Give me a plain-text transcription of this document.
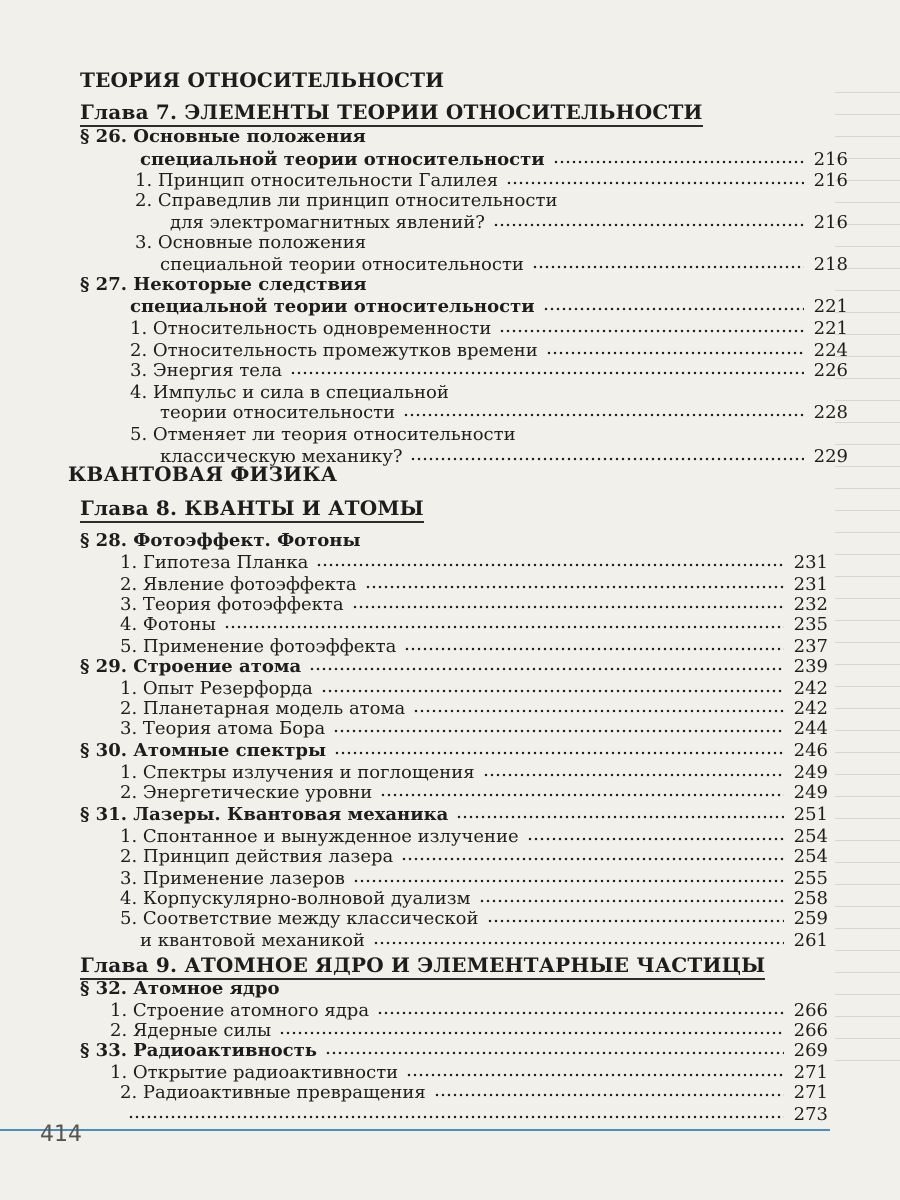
ТЕОРИЯ ОТНОСИТЕЛЬНОСТИ
Глава 7. ЭЛЕМЕНТЫ ТЕОРИИ ОТНОСИТЕЛЬНОСТИ
КВАНТОВАЯ ФИЗИКА
Глава 8. КВАНТЫ И АТОМЫ
Глава 9. АТОМНОЕ ЯДРО И ЭЛЕМЕНТАРНЫЕ ЧАСТИЦЫ
§ 26. Основные положения
специальной теории относительности	216
1. Принцип относительности Галилея	216
2. Справедлив ли принцип относительности
для электромагнитных явлений?	216
3. Основные положения
специальной теории относительности	218
§ 27. Некоторые следствия
специальной теории относительности	221
1. Относительность одновременности	221
2. Относительность промежутков времени	224
3. Энергия тела	226
4. Импульс и сила в специальной
теории относительности	228
5. Отменяет ли теория относительности
классическую механику?	229
§ 28. Фотоэффект. Фотоны
1. Гипотеза Планка	231
2. Явление фотоэффекта	231
3. Теория фотоэффекта	232
4. Фотоны	235
5. Применение фотоэффекта	237
§ 29. Строение атома	239
1. Опыт Резерфорда	242
2. Планетарная модель атома	242
3. Теория атома Бора	244
§ 30. Атомные спектры	246
1. Спектры излучения и поглощения	249
2. Энергетические уровни	249
§ 31. Лазеры. Квантовая механика	251
1. Спонтанное и вынужденное излучение	254
2. Принцип действия лазера	254
3. Применение лазеров	255
4. Корпускулярно-волновой дуализм	258
5. Соответствие между классической	259
и квантовой механикой	261
§ 32. Атомное ядро
1. Строение атомного ядра	266
2. Ядерные силы	266
§ 33. Радиоактивность	269
1. Открытие радиоактивности	271
2. Радиоактивные превращения	271
273
414
